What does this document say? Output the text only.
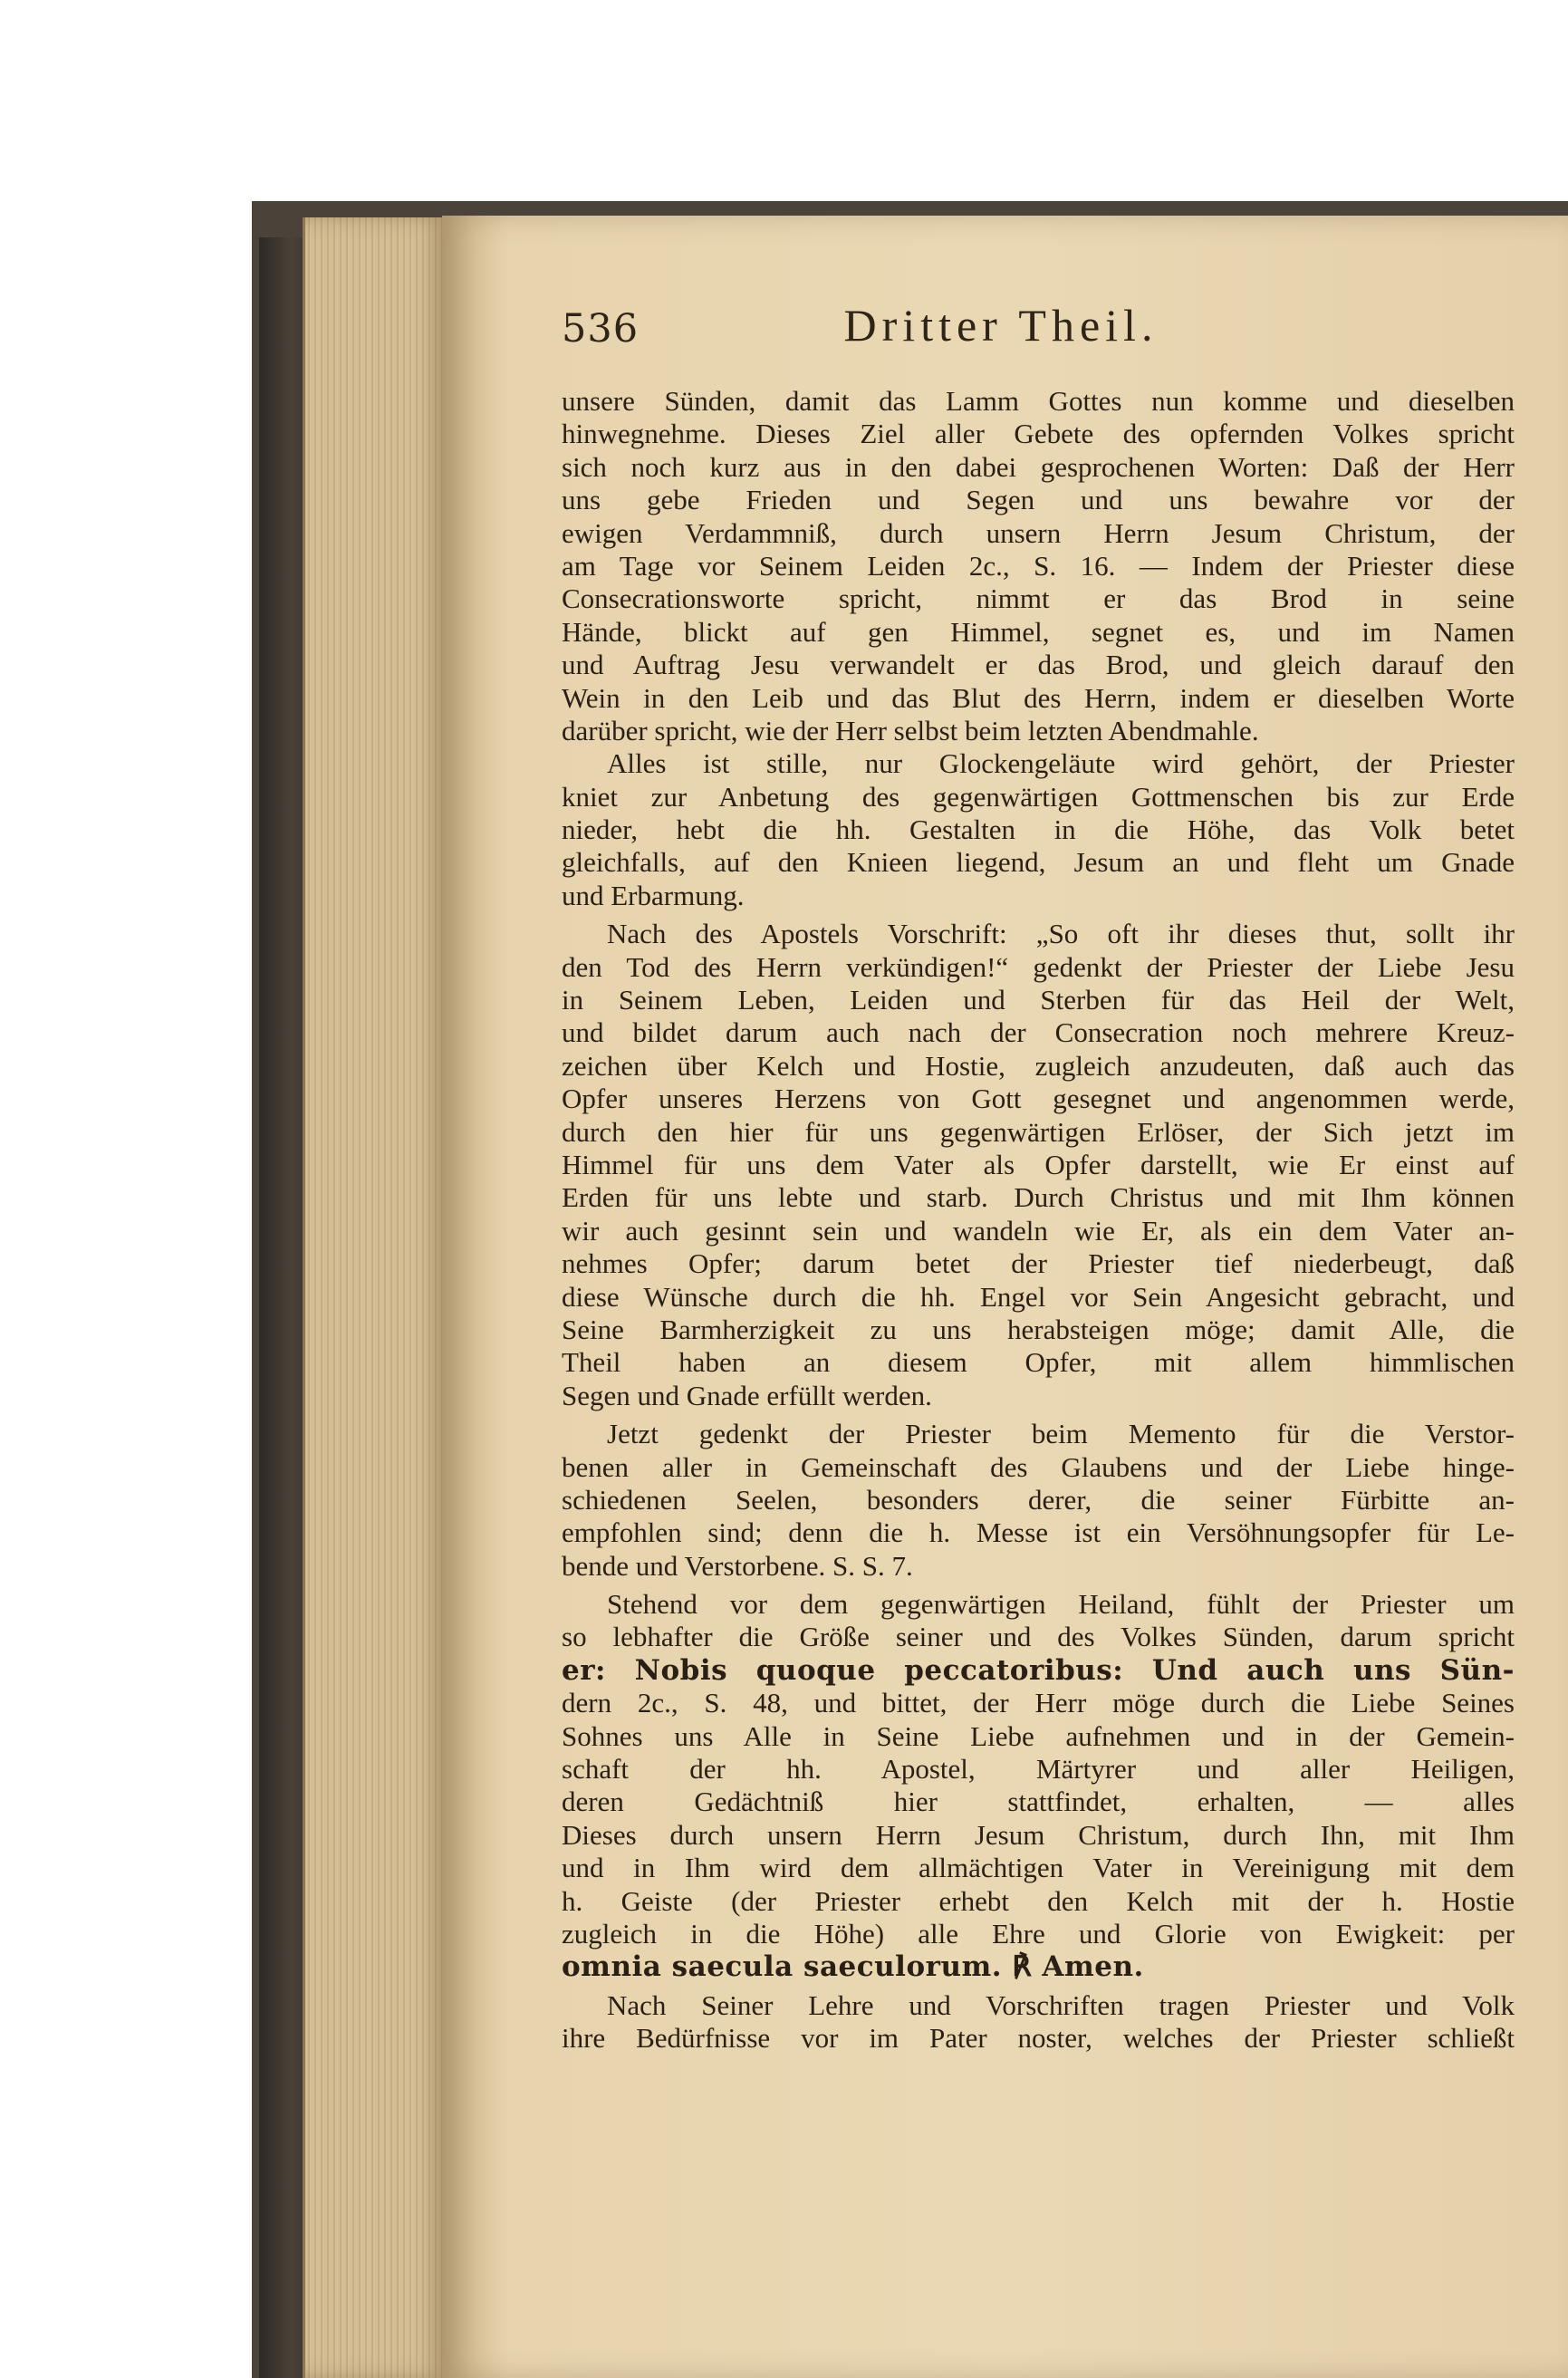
536	Dritter Theil.
unsere Sünden, damit das Lamm Gottes nun komme und dieselben
hinwegnehme. Dieses Ziel aller Gebete des opfernden Volkes spricht
sich noch kurz aus in den dabei gesprochenen Worten: Daß der Herr
uns gebe Frieden und Segen und uns bewahre vor der
ewigen Verdammniß, durch unsern Herrn Jesum Christum, der
am Tage vor Seinem Leiden 2c., S. 16. — Indem der Priester diese
Consecrationsworte spricht, nimmt er das Brod in seine
Hände, blickt auf gen Himmel, segnet es, und im Namen
und Auftrag Jesu verwandelt er das Brod, und gleich darauf den
Wein in den Leib und das Blut des Herrn, indem er dieselben Worte
darüber spricht, wie der Herr selbst beim letzten Abendmahle.
Alles ist stille, nur Glockengeläute wird gehört, der Priester
kniet zur Anbetung des gegenwärtigen Gottmenschen bis zur Erde
nieder, hebt die hh. Gestalten in die Höhe, das Volk betet
gleichfalls, auf den Knieen liegend, Jesum an und fleht um Gnade
und Erbarmung.
Nach des Apostels Vorschrift: „So oft ihr dieses thut, sollt ihr
den Tod des Herrn verkündigen!“ gedenkt der Priester der Liebe Jesu
in Seinem Leben, Leiden und Sterben für das Heil der Welt,
und bildet darum auch nach der Consecration noch mehrere Kreuz-
zeichen über Kelch und Hostie, zugleich anzudeuten, daß auch das
Opfer unseres Herzens von Gott gesegnet und angenommen werde,
durch den hier für uns gegenwärtigen Erlöser, der Sich jetzt im
Himmel für uns dem Vater als Opfer darstellt, wie Er einst auf
Erden für uns lebte und starb. Durch Christus und mit Ihm können
wir auch gesinnt sein und wandeln wie Er, als ein dem Vater an-
nehmes Opfer; darum betet der Priester tief niederbeugt, daß
diese Wünsche durch die hh. Engel vor Sein Angesicht gebracht, und
Seine Barmherzigkeit zu uns herabsteigen möge; damit Alle, die
Theil haben an diesem Opfer, mit allem himmlischen
Segen und Gnade erfüllt werden.
Jetzt gedenkt der Priester beim Memento für die Verstor-
benen aller in Gemeinschaft des Glaubens und der Liebe hinge-
schiedenen Seelen, besonders derer, die seiner Fürbitte an-
empfohlen sind; denn die h. Messe ist ein Versöhnungsopfer für Le-
bende und Verstorbene. S. S. 7.
Stehend vor dem gegenwärtigen Heiland, fühlt der Priester um
so lebhafter die Größe seiner und des Volkes Sünden, darum spricht
er: Nobis quoque peccatoribus: Und auch uns Sün-
dern 2c., S. 48, und bittet, der Herr möge durch die Liebe Seines
Sohnes uns Alle in Seine Liebe aufnehmen und in der Gemein-
schaft der hh. Apostel, Märtyrer und aller Heiligen,
deren Gedächtniß hier stattfindet, erhalten, — alles
Dieses durch unsern Herrn Jesum Christum, durch Ihn, mit Ihm
und in Ihm wird dem allmächtigen Vater in Vereinigung mit dem
h. Geiste (der Priester erhebt den Kelch mit der h. Hostie
zugleich in die Höhe) alle Ehre und Glorie von Ewigkeit: per
omnia saecula saeculorum. ℟ Amen.
Nach Seiner Lehre und Vorschriften tragen Priester und Volk
ihre Bedürfnisse vor im Pater noster, welches der Priester schließt
